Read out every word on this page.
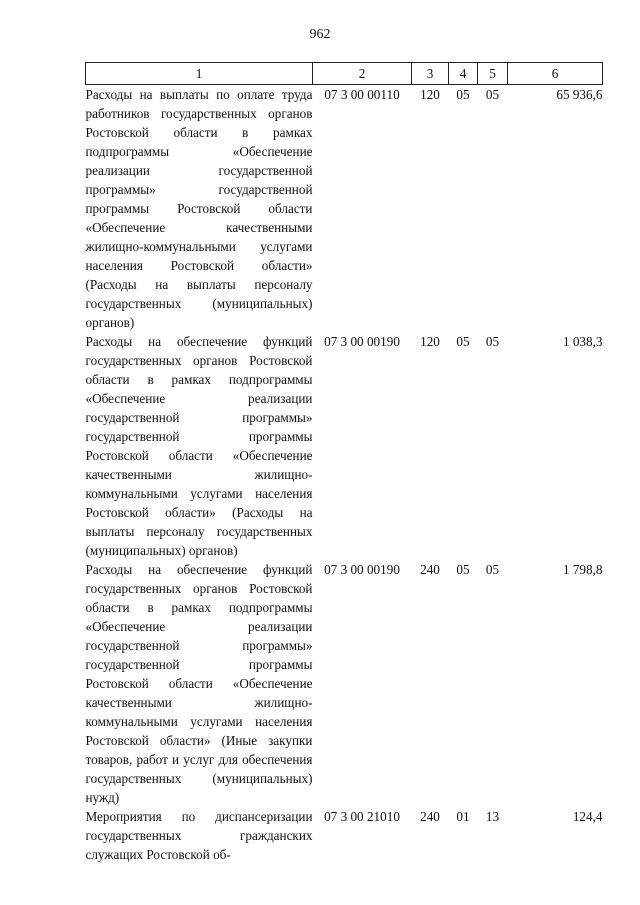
962
1	2	3	4	5	6
Расходы на выплаты по оплате труда работников государственных органов Ростовской области в рамках подпрограммы «Обеспечение реализации государственной программы» государственной программы Ростовской области «Обеспечение качественными жилищно-коммунальными услугами населения Ростовской области» (Расходы на выплаты персоналу государственных (муниципальных) органов)	07 3 00 00110	120	05	05	65 936,6
Расходы на обеспечение функций государственных органов Ростовской области в рамках подпрограммы «Обеспечение реализации государственной программы» государственной программы Ростовской области «Обеспечение качественными жилищно-коммунальными услугами населения Ростовской области» (Расходы на выплаты персоналу государственных (муниципальных) органов)	07 3 00 00190	120	05	05	1 038,3
Расходы на обеспечение функций государственных органов Ростовской области в рамках подпрограммы «Обеспечение реализации государственной программы» государственной программы Ростовской области «Обеспечение качественными жилищно-коммунальными услугами населения Ростовской области» (Иные закупки товаров, работ и услуг для обеспечения государственных (муниципальных) нужд)	07 3 00 00190	240	05	05	1 798,8
Мероприятия по диспансеризации государственных гражданских служащих Ростовской об-	07 3 00 21010	240	01	13	124,4
